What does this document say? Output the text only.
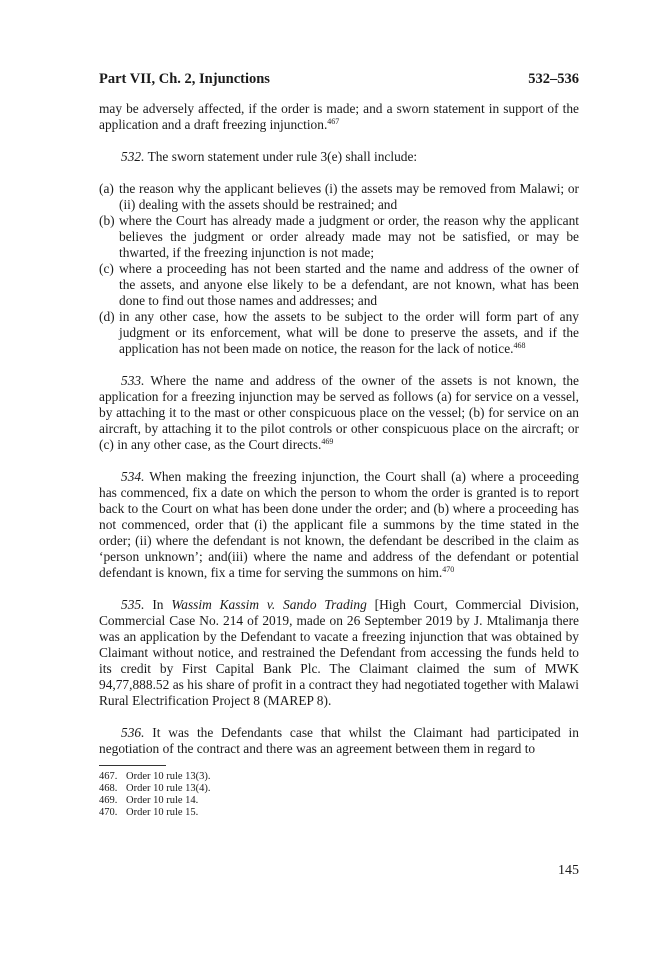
Part VII, Ch. 2, Injunctions	532–536

may be adversely affected, if the order is made; and a sworn statement in support of the application and a draft freezing injunction.$^{467}$

532. The sworn statement under rule 3(e) shall include:

(a) the reason why the applicant believes (i) the assets may be removed from Malawi; or (ii) dealing with the assets should be restrained; and
(b) where the Court has already made a judgment or order, the reason why the applicant believes the judgment or order already made may not be satisfied, or may be thwarted, if the freezing injunction is not made;
(c) where a proceeding has not been started and the name and address of the owner of the assets, and anyone else likely to be a defendant, are not known, what has been done to find out those names and addresses; and
(d) in any other case, how the assets to be subject to the order will form part of any judgment or its enforcement, what will be done to preserve the assets, and if the application has not been made on notice, the reason for the lack of notice.$^{468}$

533. Where the name and address of the owner of the assets is not known, the application for a freezing injunction may be served as follows (a) for service on a vessel, by attaching it to the mast or other conspicuous place on the vessel; (b) for service on an aircraft, by attaching it to the pilot controls or other conspicuous place on the aircraft; or (c) in any other case, as the Court directs.$^{469}$

534. When making the freezing injunction, the Court shall (a) where a proceeding has commenced, fix a date on which the person to whom the order is granted is to report back to the Court on what has been done under the order; and (b) where a proceeding has not commenced, order that (i) the applicant file a summons by the time stated in the order; (ii) where the defendant is not known, the defendant be described in the claim as ‘person unknown’; and(iii) where the name and address of the defendant or potential defendant is known, fix a time for serving the summons on him.$^{470}$

535. In Wassim Kassim v. Sando Trading [High Court, Commercial Division, Commercial Case No. 214 of 2019, made on 26 September 2019 by J. Mtalimanja there was an application by the Defendant to vacate a freezing injunction that was obtained by Claimant without notice, and restrained the Defendant from accessing the funds held to its credit by First Capital Bank Plc. The Claimant claimed the sum of MWK 94,77,888.52 as his share of profit in a contract they had negotiated together with Malawi Rural Electrification Project 8 (MAREP 8).

536. It was the Defendants case that whilst the Claimant had participated in negotiation of the contract and there was an agreement between them in regard to

467. Order 10 rule 13(3).
468. Order 10 rule 13(4).
469. Order 10 rule 14.
470. Order 10 rule 15.
145
